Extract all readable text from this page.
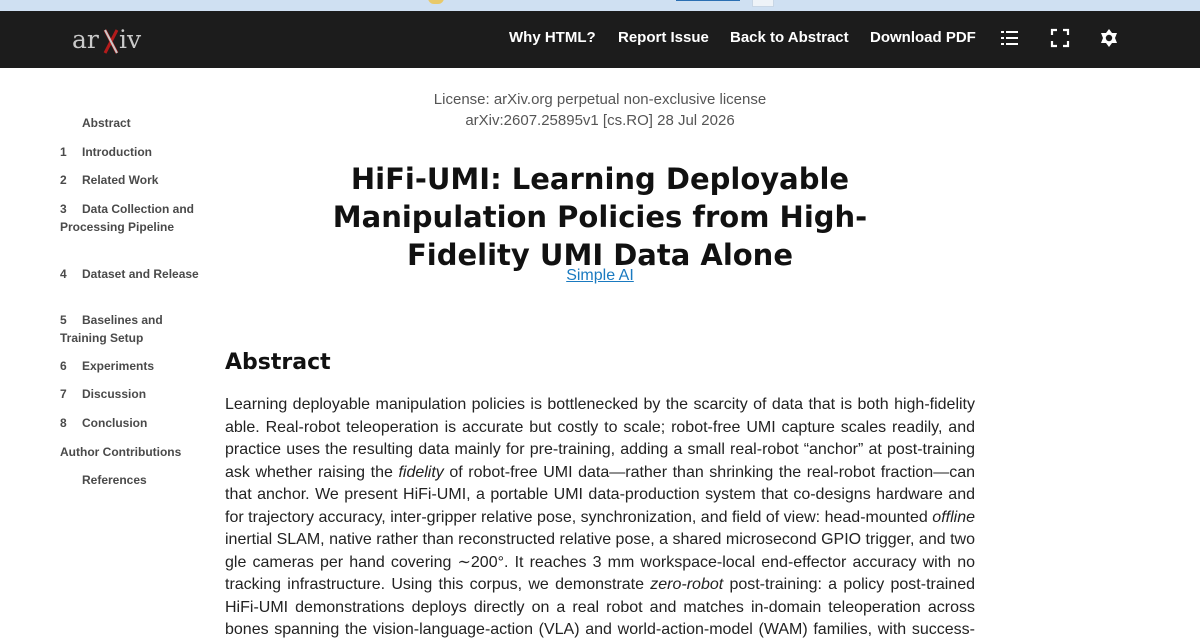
ar iv	Why HTML? Report Issue Back to Abstract Download PDF
Abstract
1 Introduction
2 Related Work
3 Data Collection and Processing Pipeline
4 Dataset and Release
5 Baselines and Training Setup
6 Experiments
7 Discussion
8 Conclusion
Author Contributions
References
License: arXiv.org perpetual non-exclusive license
arXiv:2607.25895v1 [cs.RO] 28 Jul 2026
HiFi-UMI: Learning Deployable Manipulation Policies from High-Fidelity UMI Data Alone
Simple AI
Abstract
Learning deployable manipulation policies is bottlenecked by the scarcity of data that is both high-fidelity
able. Real-robot teleoperation is accurate but costly to scale; robot-free UMI capture scales readily, and
practice uses the resulting data mainly for pre-training, adding a small real-robot “anchor” at post-training
ask whether raising the fidelity of robot-free UMI data—rather than shrinking the real-robot fraction—can
that anchor. We present HiFi-UMI, a portable UMI data-production system that co-designs hardware and
for trajectory accuracy, inter-gripper relative pose, synchronization, and field of view: head-mounted offline
inertial SLAM, native rather than reconstructed relative pose, a shared microsecond GPIO trigger, and two
gle cameras per hand covering ∼200°. It reaches 3 mm workspace-local end-effector accuracy with no
tracking infrastructure. Using this corpus, we demonstrate zero-robot post-training: a policy post-trained
HiFi-UMI demonstrations deploys directly on a real robot and matches in-domain teleoperation across
bones spanning the vision-language-action (VLA) and world-action-model (WAM) families, with success-
